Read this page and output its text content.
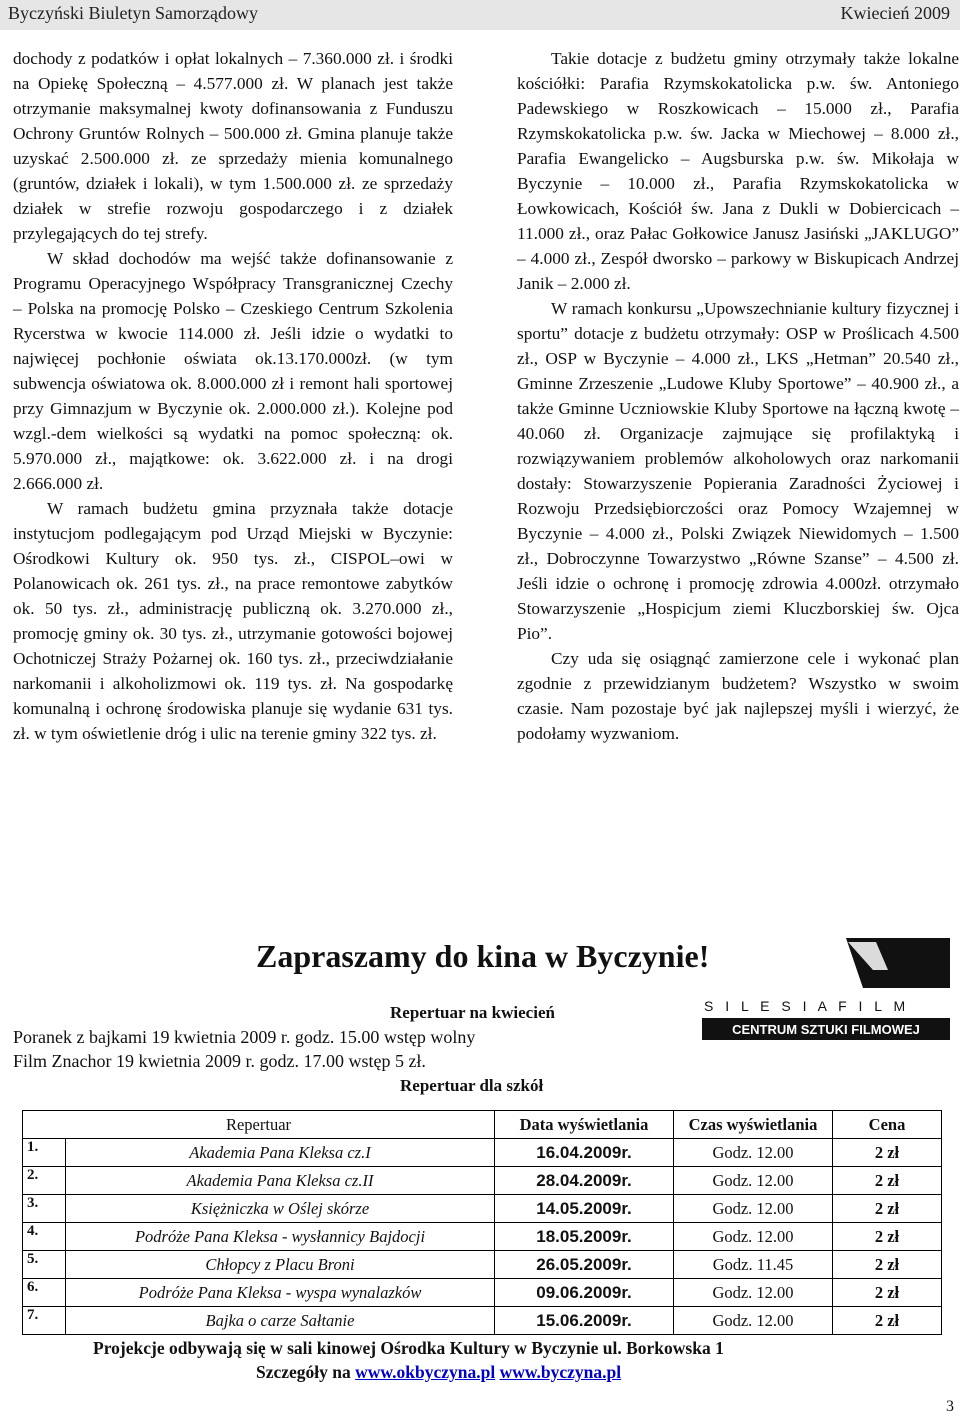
Byczyński Biuletyn Samorządowy	Kwiecień 2009

dochody z podatków i opłat lokalnych – 7.360.000 zł. i środki na Opiekę Społeczną – 4.577.000 zł. W planach jest także otrzymanie maksymalnej kwoty dofinansowania z Funduszu Ochrony Gruntów Rolnych – 500.000 zł. Gmina planuje także uzyskać 2.500.000 zł. ze sprzedaży mienia komunalnego (gruntów, działek i lokali), w tym 1.500.000 zł. ze sprzedaży działek w strefie rozwoju gospodarczego i z działek przylegających do tej strefy.

W skład dochodów ma wejść także dofinansowanie z Programu Operacyjnego Współpracy Transgranicznej Czechy – Polska na promocję Polsko – Czeskiego Centrum Szkolenia Rycerstwa w kwocie 114.000 zł. Jeśli idzie o wydatki to najwięcej pochłonie oświata ok.13.170.000zł. (w tym subwencja oświatowa ok. 8.000.000 zł i remont hali sportowej przy Gimnazjum w Byczynie ok. 2.000.000 zł.). Kolejne pod wzgl.-dem wielkości są wydatki na pomoc społeczną: ok. 5.970.000 zł., majątkowe: ok. 3.622.000 zł. i na drogi 2.666.000 zł.

W ramach budżetu gmina przyznała także dotacje instytucjom podlegającym pod Urząd Miejski w Byczynie: Ośrodkowi Kultury ok. 950 tys. zł., CISPOL–owi w Polanowicach ok. 261 tys. zł., na prace remontowe zabytków ok. 50 tys. zł., administrację publiczną ok. 3.270.000 zł., promocję gminy ok. 30 tys. zł., utrzymanie gotowości bojowej Ochotniczej Straży Pożarnej ok. 160 tys. zł., przeciwdziałanie narkomanii i alkoholizmowi ok. 119 tys. zł. Na gospodarkę komunalną i ochronę środowiska planuje się wydanie 631 tys. zł. w tym oświetlenie dróg i ulic na terenie gminy 322 tys. zł.

Takie dotacje z budżetu gminy otrzymały także lokalne kościółki: Parafia Rzymskokatolicka p.w. św. Antoniego Padewskiego w Roszkowicach – 15.000 zł., Parafia Rzymskokatolicka p.w. św. Jacka w Miechowej – 8.000 zł., Parafia Ewangelicko – Augsburska p.w. św. Mikołaja w Byczynie – 10.000 zł., Parafia Rzymskokatolicka w Łowkowicach, Kościół św. Jana z Dukli w Dobiercicach – 11.000 zł., oraz Pałac Gołkowice Janusz Jasiński „JAKLUGO” – 4.000 zł., Zespół dworsko – parkowy w Biskupicach Andrzej Janik – 2.000 zł.

W ramach konkursu „Upowszechnianie kultury fizycznej i sportu” dotacje z budżetu otrzymały: OSP w Proślicach 4.500 zł., OSP w Byczynie – 4.000 zł., LKS „Hetman” 20.540 zł., Gminne Zrzeszenie „Ludowe Kluby Sportowe” – 40.900 zł., a także Gminne Uczniowskie Kluby Sportowe na łączną kwotę – 40.060 zł. Organizacje zajmujące się profilaktyką i rozwiązywaniem problemów alkoholowych oraz narkomanii dostały: Stowarzyszenie Popierania Zaradności Życiowej i Rozwoju Przedsiębiorczości oraz Pomocy Wzajemnej w Byczynie – 4.000 zł., Polski Związek Niewidomych – 1.500 zł., Dobroczynne Towarzystwo „Równe Szanse” – 4.500 zł. Jeśli idzie o ochronę i promocję zdrowia 4.000zł. otrzymało Stowarzyszenie „Hospicjum ziemi Kluczborskiej św. Ojca Pio”.

Czy uda się osiągnąć zamierzone cele i wykonać plan zgodnie z przewidzianym budżetem? Wszystko w swoim czasie. Nam pozostaje być jak najlepszej myśli i wierzyć, że podołamy wyzwaniom.

Zapraszamy do kina w Byczynie!
S I L E S I A F I L M
CENTRUM SZTUKI FILMOWEJ
Repertuar na kwiecień
Poranek z bajkami 19 kwietnia 2009 r. godz. 15.00 wstęp wolny
Film Znachor 19 kwietnia 2009 r. godz. 17.00 wstęp 5 zł.
Repertuar dla szkół
Repertuar		Data wyświetlania	Czas wyświetlania	Cena
1.	Akademia Pana Kleksa cz.I	16.04.2009r.	Godz. 12.00	2 zł
2.	Akademia Pana Kleksa cz.II	28.04.2009r.	Godz. 12.00	2 zł
3.	Księżniczka w Oślej skórze	14.05.2009r.	Godz. 12.00	2 zł
4.	Podróże Pana Kleksa - wysłannicy Bajdocji	18.05.2009r.	Godz. 12.00	2 zł
5.	Chłopcy z Placu Broni	26.05.2009r.	Godz. 11.45	2 zł
6.	Podróże Pana Kleksa - wyspa wynalazków	09.06.2009r.	Godz. 12.00	2 zł
7.	Bajka o carze Sałtanie	15.06.2009r.	Godz. 12.00	2 zł
Projekcje odbywają się w sali kinowej Ośrodka Kultury w Byczynie ul. Borkowska 1
Szczegóły na www.okbyczyna.pl www.byczyna.pl
3
